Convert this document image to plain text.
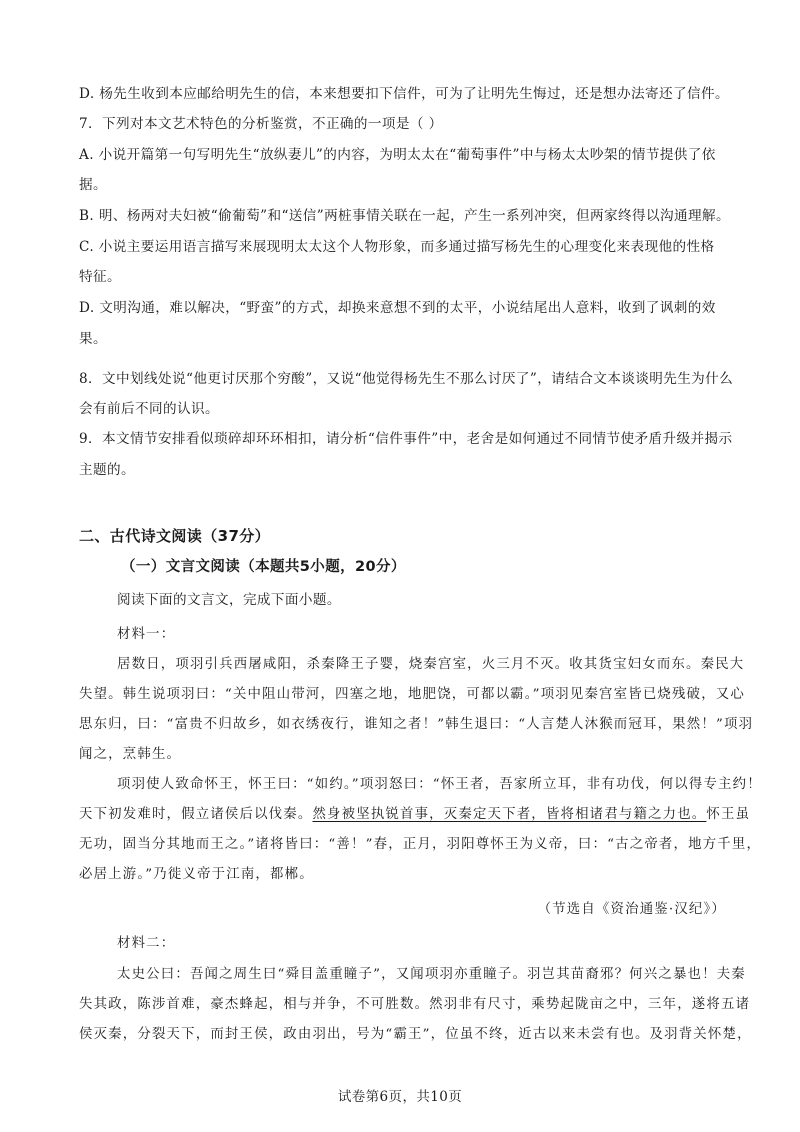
D. 杨先生收到本应邮给明先生的信，本来想要扣下信件，可为了让明先生悔过，还是想办法寄还了信件。
7．下列对本文艺术特色的分析鉴赏，不正确的一项是（ ）
A. 小说开篇第一句写明先生“放纵妻儿”的内容，为明太太在“葡萄事件”中与杨太太吵架的情节提供了依
据。
B. 明、杨两对夫妇被“偷葡萄”和“送信”两桩事情关联在一起，产生一系列冲突，但两家终得以沟通理解。
C. 小说主要运用语言描写来展现明太太这个人物形象，而多通过描写杨先生的心理变化来表现他的性格
特征。
D. 文明沟通，难以解决，“野蛮”的方式，却换来意想不到的太平，小说结尾出人意料，收到了讽刺的效
果。
8．文中划线处说“他更讨厌那个穷酸”，又说“他觉得杨先生不那么讨厌了”，请结合文本谈谈明先生为什么
会有前后不同的认识。
9．本文情节安排看似琐碎却环环相扣，请分析“信件事件”中，老舍是如何通过不同情节使矛盾升级并揭示
主题的。
二、古代诗文阅读（37分）
（一）文言文阅读（本题共5小题，20分）
阅读下面的文言文，完成下面小题。
材料一：
居数日，项羽引兵西屠咸阳，杀秦降王子婴，烧秦宫室，火三月不灭。收其货宝妇女而东。秦民大
失望。韩生说项羽曰：“关中阻山带河，四塞之地，地肥饶，可都以霸。”项羽见秦宫室皆已烧残破，又心
思东归，曰：“富贵不归故乡，如衣绣夜行，谁知之者！”韩生退曰：“人言楚人沐猴而冠耳，果然！”项羽
闻之，烹韩生。
项羽使人致命怀王，怀王曰：“如约。”项羽怒曰：“怀王者，吾家所立耳，非有功伐，何以得专主约！
天下初发难时，假立诸侯后以伐秦。然身被坚执锐首事，灭秦定天下者，皆将相诸君与籍之力也。怀王虽
无功，固当分其地而王之。”诸将皆曰：“善！”春，正月，羽阳尊怀王为义帝，曰：“古之帝者，地方千里，
必居上游。”乃徙义帝于江南，都郴。
（节选自《资治通鉴·汉纪》）
材料二：
太史公曰：吾闻之周生曰“舜目盖重瞳子”，又闻项羽亦重瞳子。羽岂其苗裔邪？何兴之暴也！夫秦
失其政，陈涉首难，豪杰蜂起，相与并争，不可胜数。然羽非有尺寸，乘势起陇亩之中，三年，遂将五诸
侯灭秦，分裂天下，而封王侯，政由羽出，号为“霸王”，位虽不终，近古以来未尝有也。及羽背关怀楚，
试卷第6页，共10页
